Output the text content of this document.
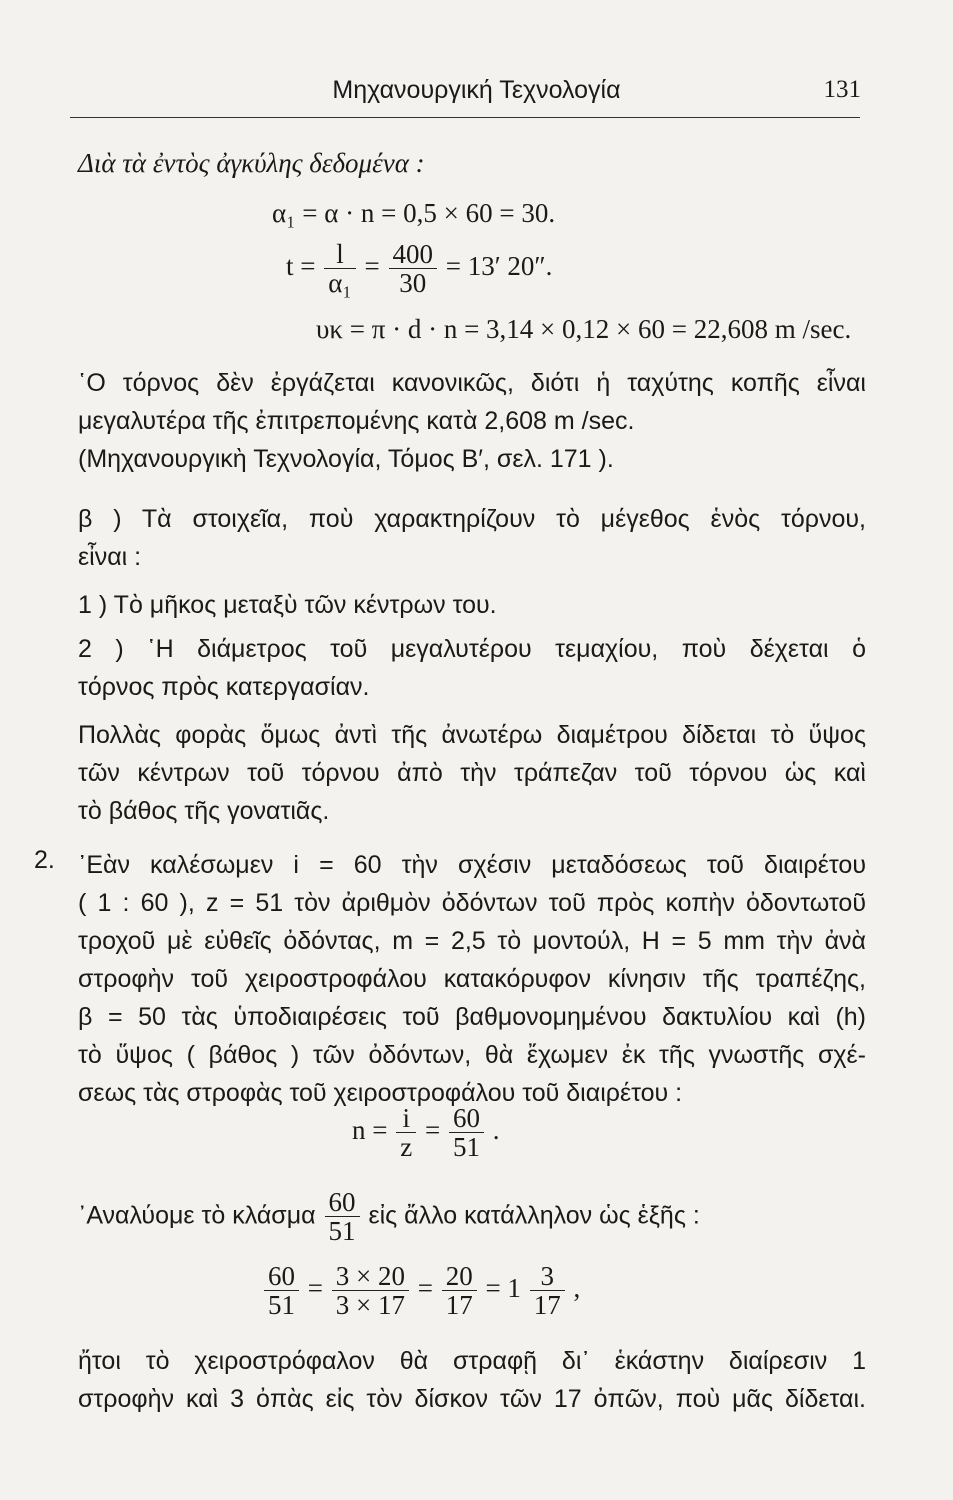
Μηχανουργική Τεχνολογία	131
Διὰ τὰ ἐντὸς ἀγκύλης δεδομένα :
α₁ = α · n = 0,5 × 60 = 30.
$t = \frac{l}{\text{α₁}} = \frac{400}{30} = 13'$ 20″.
υκ = π · d · n = 3,14 × 0,12 × 60 = 22,608 m /sec.
῾Ο τόρνος δὲν ἐργάζεται κανονικῶς, διότι ἡ ταχύτης κοπῆς εἶναι
μεγαλυτέρα τῆς ἐπιτρεπομένης κατὰ 2,608 m /sec.
(Μηχανουργικὴ Τεχνολογία, Τόμος Β′, σελ. 171 ).
β ) Τὰ στοιχεῖα, ποὺ χαρακτηρίζουν τὸ μέγεθος ἑνὸς τόρνου,
εἶναι :
1 ) Τὸ μῆκος μεταξὺ τῶν κέντρων του.
2 ) ῾Η διάμετρος τοῦ μεγαλυτέρου τεμαχίου, ποὺ δέχεται ὁ
τόρνος πρὸς κατεργασίαν.
Πολλὰς φορὰς ὅμως ἀντὶ τῆς ἀνωτέρω διαμέτρου δίδεται τὸ ὕψος
τῶν κέντρων τοῦ τόρνου ἀπὸ τὴν τράπεζαν τοῦ τόρνου ὡς καὶ
τὸ βάθος τῆς γονατιᾶς.
2. ᾿Εὰν καλέσωμεν i = 60 τὴν σχέσιν μεταδόσεως τοῦ διαιρέτου
( 1 : 60 ), z = 51 τὸν ἀριθμὸν ὀδόντων τοῦ πρὸς κοπὴν ὀδοντωτοῦ
τροχοῦ μὲ εὐθεῖς ὀδόντας, m = 2,5 τὸ μοντούλ, H = 5 mm τὴν ἀνὰ
στροφὴν τοῦ χειροστροφάλου κατακόρυφον κίνησιν τῆς τραπέζης,
β = 50 τὰς ὑποδιαιρέσεις τοῦ βαθμονομημένου δακτυλίου καὶ (h)
τὸ ὕψος ( βάθος ) τῶν ὀδόντων, θὰ ἔχωμεν ἐκ τῆς γνωστῆς σχέ-
σεως τὰς στροφὰς τοῦ χειροστροφάλου τοῦ διαιρέτου :
$n = \frac{i}{z} = \frac{60}{51}$ .
᾿Αναλύομε τὸ κλάσμα $\frac{60}{51}$ εἰς ἄλλο κατάλληλον ὡς ἑξῆς :
$\frac{60}{51} = \frac{3 \times 20}{3 \times 17} = \frac{20}{17} = 1 \frac{3}{17}$ ,
ἤτοι τὸ χειροστρόφαλον θὰ στραφῇ δι᾿ ἑκάστην διαίρεσιν 1
στροφὴν καὶ 3 ὀπὰς εἰς τὸν δίσκον τῶν 17 ὀπῶν, ποὺ μᾶς δίδεται.
